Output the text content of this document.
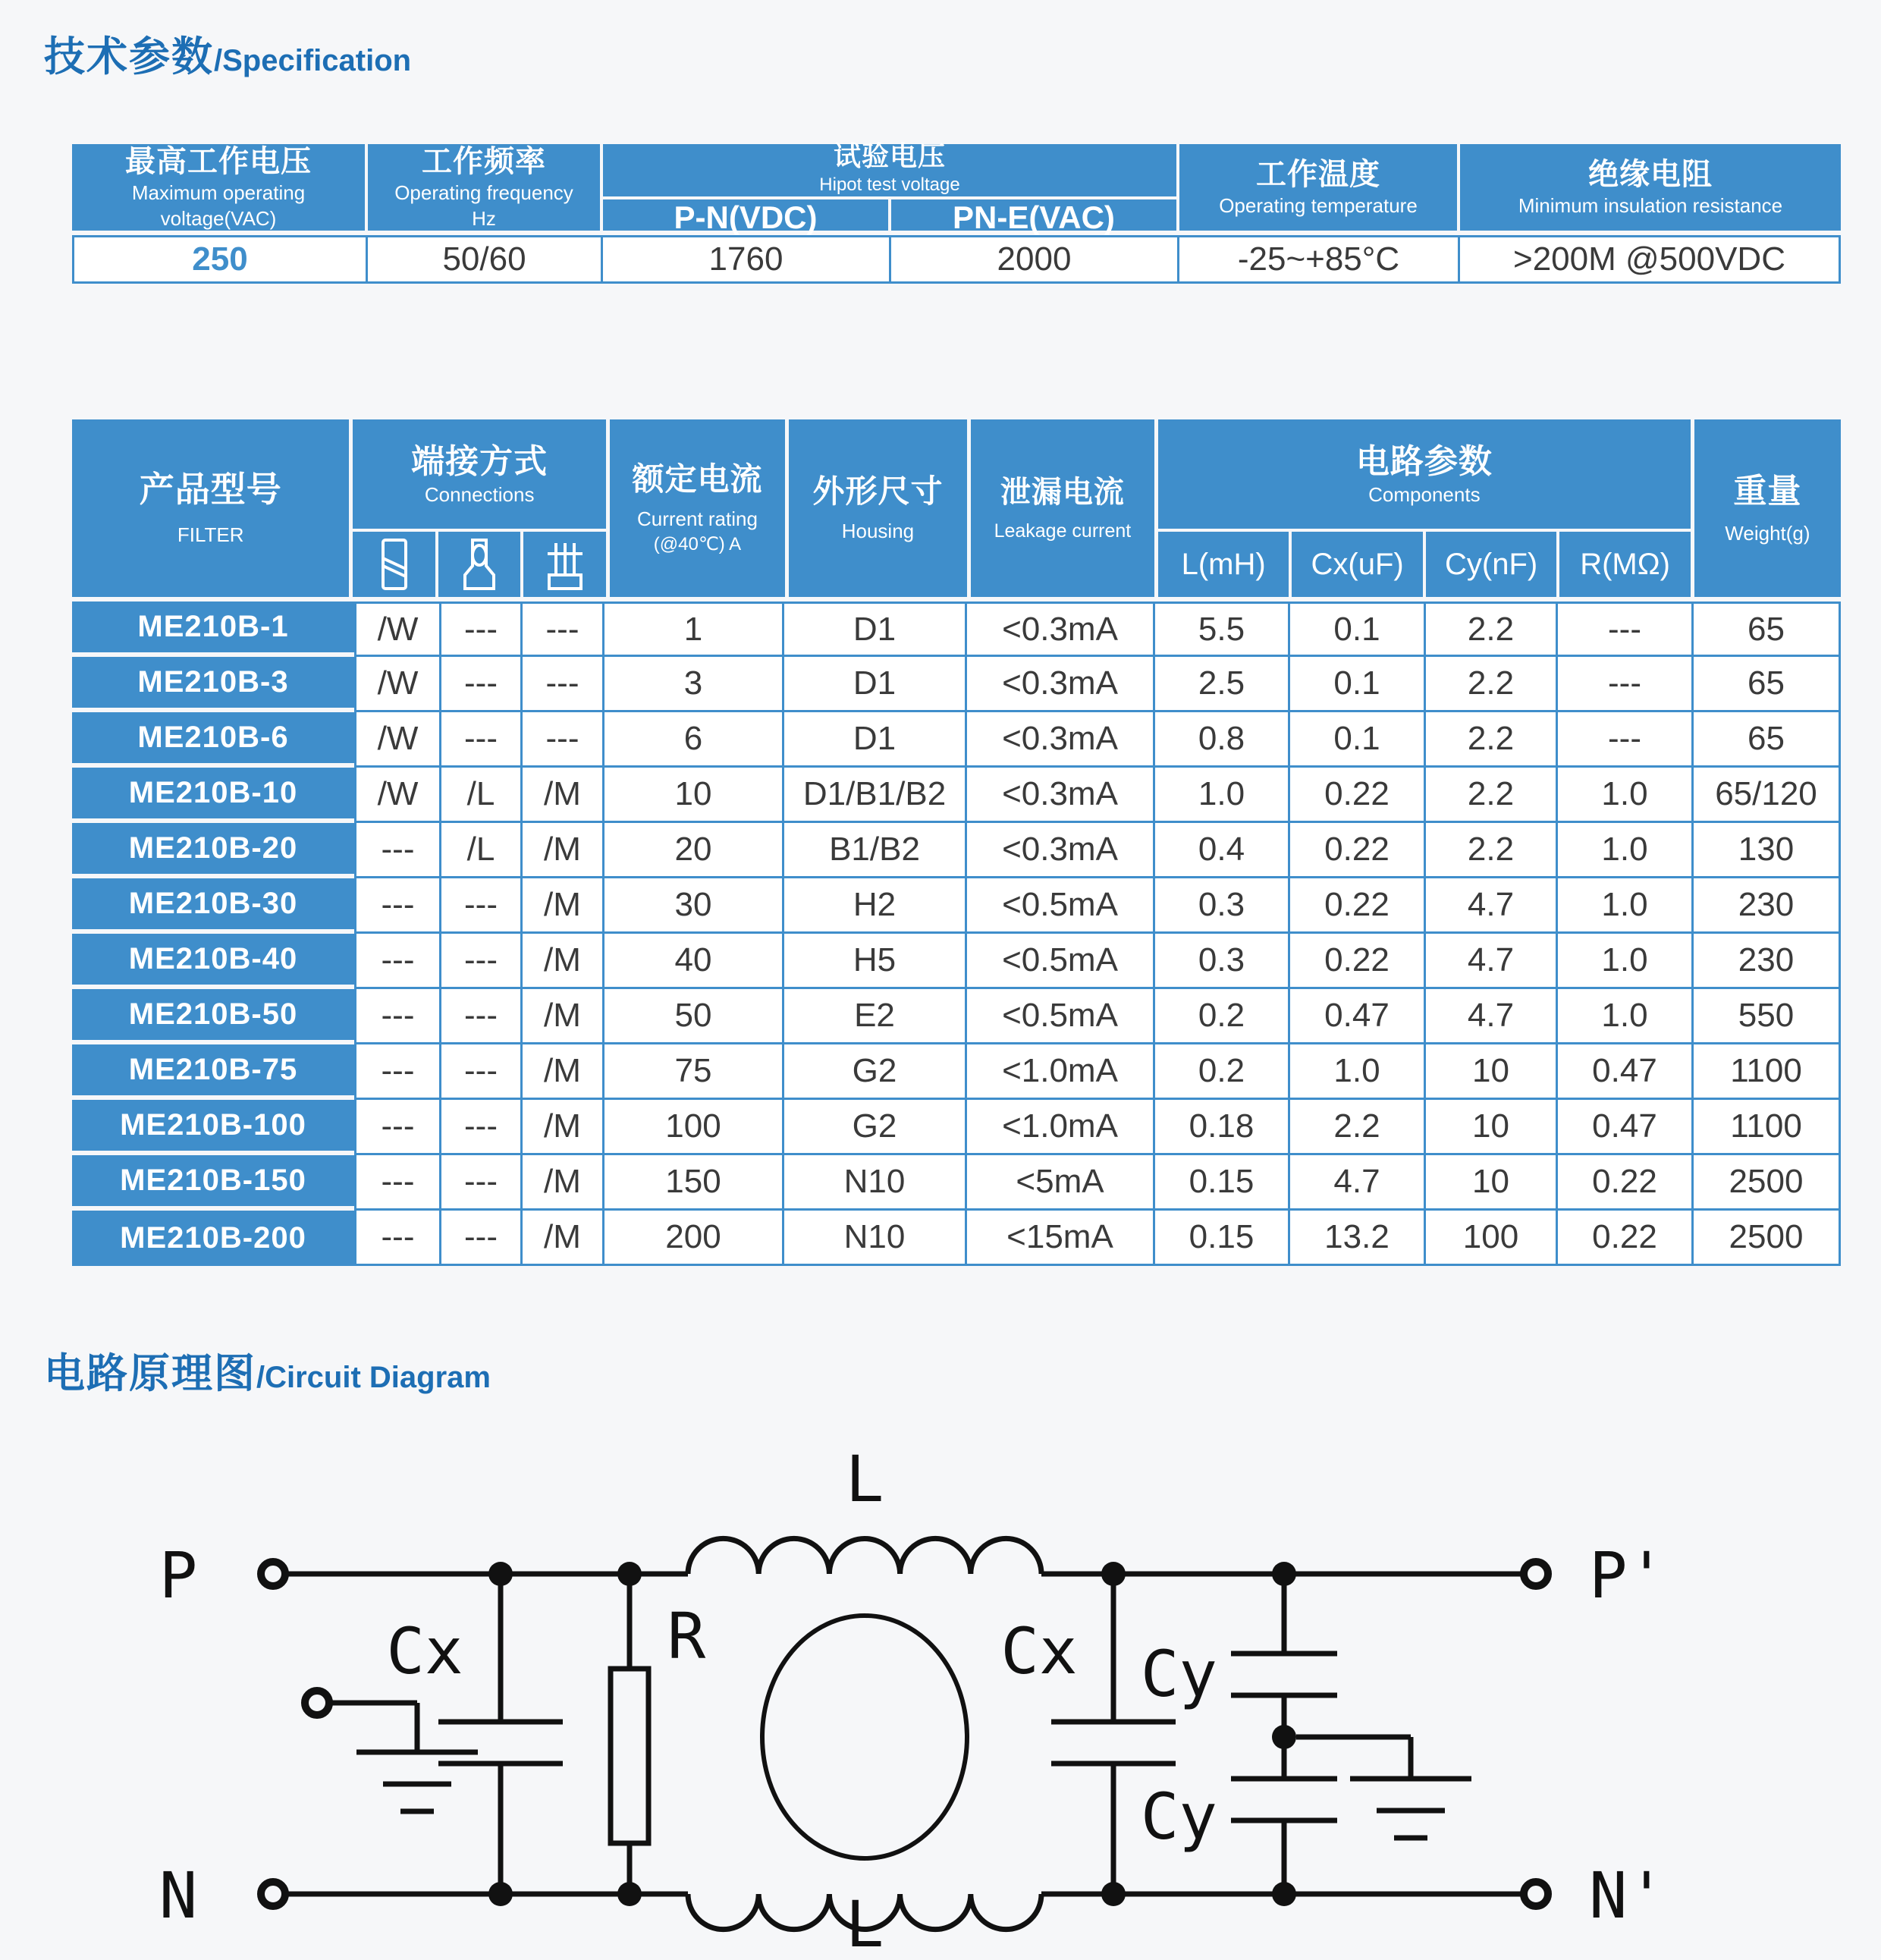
技术参数 /Specification
最高工作电压
Maximum operating
voltage(VAC)
工作频率
Operating frequency
Hz
试验电压
Hipot test voltage
P-N(VDC)	PN-E(VAC)
工作温度
Operating temperature
绝缘电阻
Minimum insulation resistance
250	50/60	1760	2000	-25~+85°C	>200M @500VDC
产品型号
FILTER
端接方式
Connections	额定电流
Current rating
(@40℃) A
外形尺寸
Housing
泄漏电流
Leakage current
电路参数
Components
L(mH)	Cx(uF)	Cy(nF)	R(MΩ)
重量
Weight(g)
ME210B-1	/W	---	---	1	D1	<0.3mA	5.5	0.1	2.2	---	65
ME210B-3	/W	---	---	3	D1	<0.3mA	2.5	0.1	2.2	---	65
ME210B-6	/W	---	---	6	D1	<0.3mA	0.8	0.1	2.2	---	65
ME210B-10	/W	/L	/M	10	D1/B1/B2	<0.3mA	1.0	0.22	2.2	1.0	65/120
ME210B-20	---	/L	/M	20	B1/B2	<0.3mA	0.4	0.22	2.2	1.0	130
ME210B-30	---	---	/M	30	H2	<0.5mA	0.3	0.22	4.7	1.0	230
ME210B-40	---	---	/M	40	H5	<0.5mA	0.3	0.22	4.7	1.0	230
ME210B-50	---	---	/M	50	E2	<0.5mA	0.2	0.47	4.7	1.0	550
ME210B-75	---	---	/M	75	G2	<1.0mA	0.2	1.0	10	0.47	1100
ME210B-100	---	---	/M	100	G2	<1.0mA	0.18	2.2	10	0.47	1100
ME210B-150	---	---	/M	150	N10	<5mA	0.15	4.7	10	0.22	2500
ME210B-200	---	---	/M	200	N10	<15mA	0.15	13.2	100	0.22	2500
电路原理图 /Circuit Diagram
P
N
P'
N'
L
L
Cx	R	Cx Cy
Cy
